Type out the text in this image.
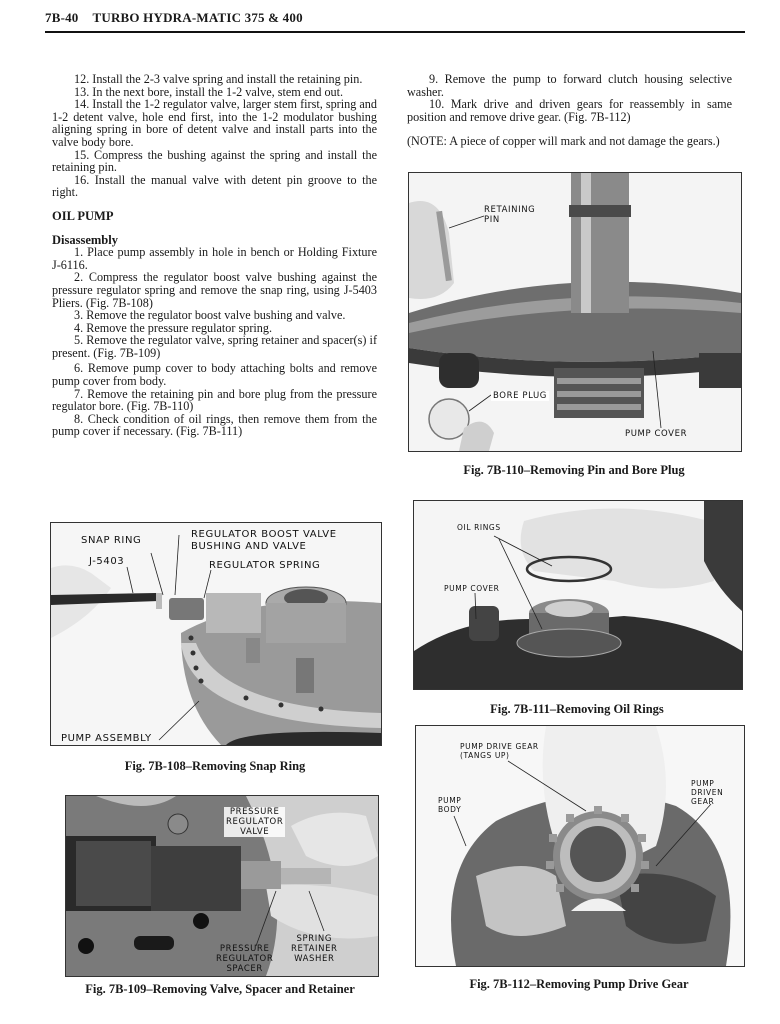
7B-40 TURBO HYDRA-MATIC 375 & 400

12. Install the 2-3 valve spring and install the retaining pin.

13. In the next bore, install the 1-2 valve, stem end out.

14. Install the 1-2 regulator valve, larger stem first, spring and 1-2 detent valve, hole end first, into the 1-2 modulator bushing aligning spring in bore of detent valve and install parts into the valve body bore.

15. Compress the bushing against the spring and install the retaining pin.

16. Install the manual valve with detent pin groove to the right.

OIL PUMP

Disassembly

1. Place pump assembly in hole in bench or Holding Fixture J-6116.

2. Compress the regulator boost valve bushing against the pressure regulator spring and remove the snap ring, using J-5403 Pliers. (Fig. 7B-108)

3. Remove the regulator boost valve bushing and valve.

4. Remove the pressure regulator spring.

5. Remove the regulator valve, spring retainer and spacer(s) if present. (Fig. 7B-109)

6. Remove pump cover to body attaching bolts and remove pump cover from body.

7. Remove the retaining pin and bore plug from the pressure regulator bore. (Fig. 7B-110)

8. Check condition of oil rings, then remove them from the pump cover if necessary. (Fig. 7B-111)

9. Remove the pump to forward clutch housing selective washer.

10. Mark drive and driven gears for reassembly in same position and remove drive gear. (Fig. 7B-112)

(NOTE: A piece of copper will mark and not damage the gears.)

RETAINING
PIN
BORE PLUG
PUMP COVER
Fig. 7B-110–Removing Pin and Bore Plug
OIL RINGS
PUMP COVER
Fig. 7B-111–Removing Oil Rings
SNAP RING
J-5403
REGULATOR BOOST VALVE
BUSHING AND VALVE
REGULATOR SPRING
PUMP ASSEMBLY
Fig. 7B-108–Removing Snap Ring
PRESSURE
REGULATOR
VALVE
PRESSURE
REGULATOR
SPACER
SPRING
RETAINER
WASHER
Fig. 7B-109–Removing Valve, Spacer and Retainer
PUMP DRIVE GEAR
(TANGS UP)
PUMP
BODY
PUMP
DRIVEN
GEAR
Fig. 7B-112–Removing Pump Drive Gear
